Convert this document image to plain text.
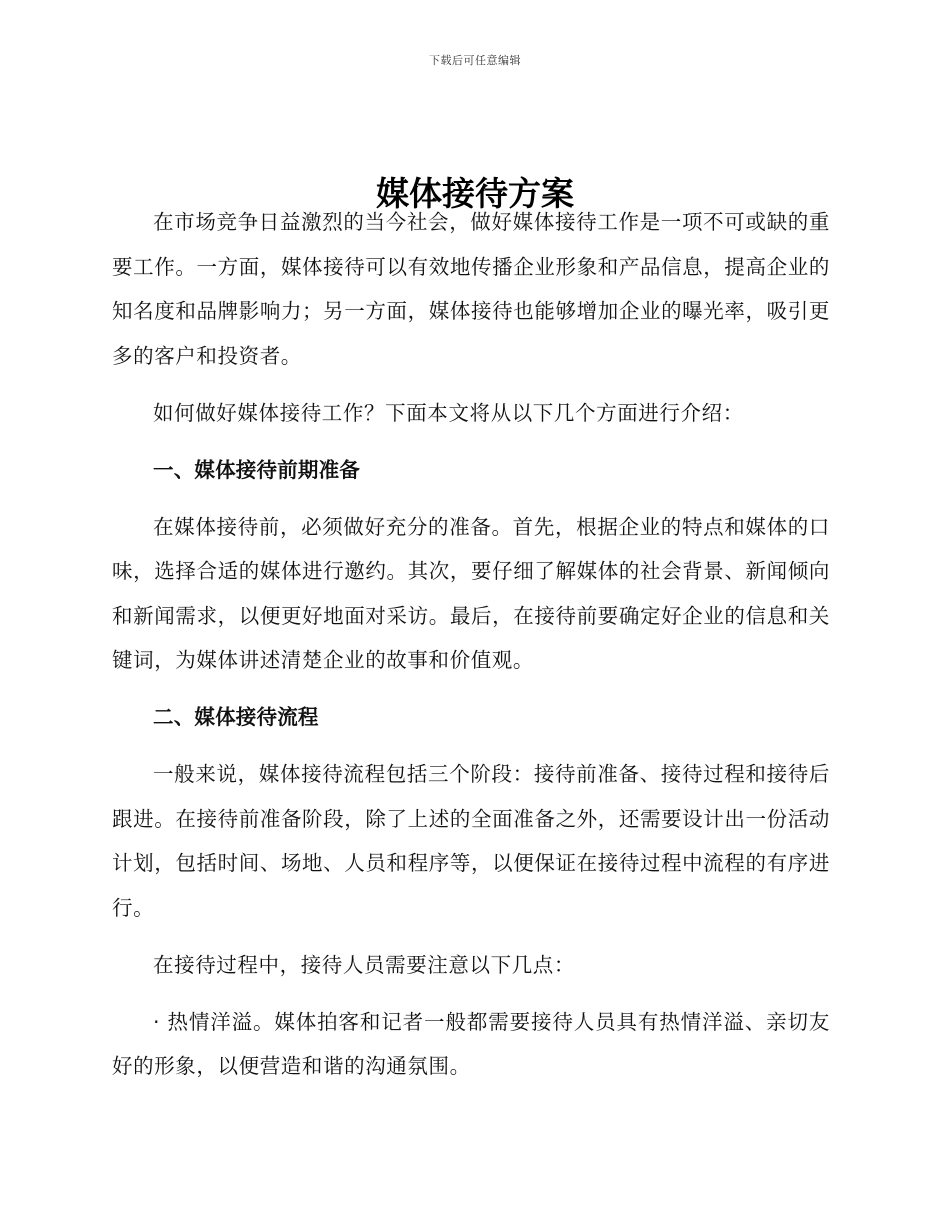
下载后可任意编辑
媒体接待方案

在市场竞争日益激烈的当今社会，做好媒体接待工作是一项不可或缺的重要工作。一方面，媒体接待可以有效地传播企业形象和产品信息，提高企业的知名度和品牌影响力；另一方面，媒体接待也能够增加企业的曝光率，吸引更多的客户和投资者。

如何做好媒体接待工作？下面本文将从以下几个方面进行介绍：

一、媒体接待前期准备

在媒体接待前，必须做好充分的准备。首先，根据企业的特点和媒体的口味，选择合适的媒体进行邀约。其次，要仔细了解媒体的社会背景、新闻倾向和新闻需求，以便更好地面对采访。最后，在接待前要确定好企业的信息和关键词，为媒体讲述清楚企业的故事和价值观。

二、媒体接待流程

一般来说，媒体接待流程包括三个阶段：接待前准备、接待过程和接待后跟进。在接待前准备阶段，除了上述的全面准备之外，还需要设计出一份活动计划，包括时间、场地、人员和程序等，以便保证在接待过程中流程的有序进行。

在接待过程中，接待人员需要注意以下几点：

· 热情洋溢。媒体拍客和记者一般都需要接待人员具有热情洋溢、亲切友好的形象，以便营造和谐的沟通氛围。
